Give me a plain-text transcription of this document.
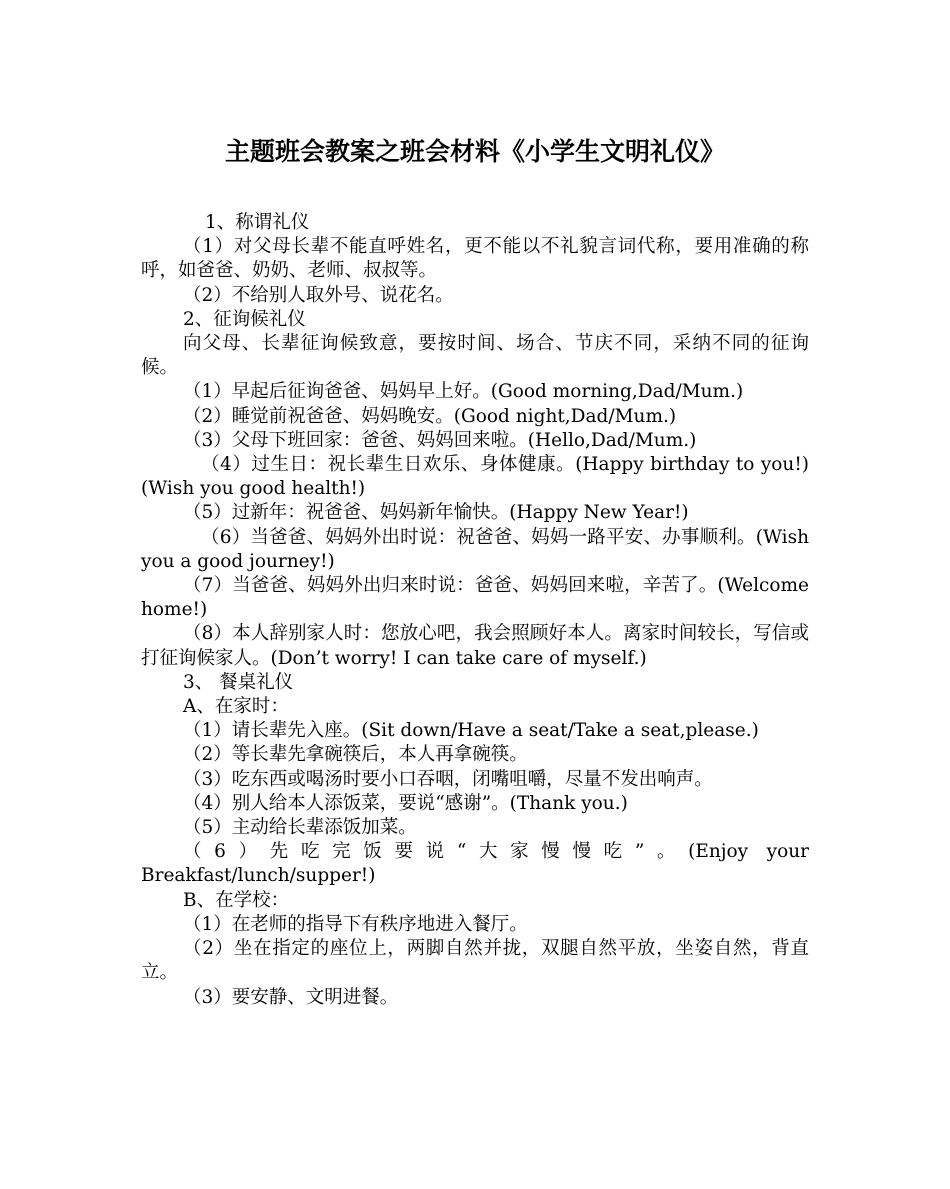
主题班会教案之班会材料《小学生文明礼仪》

1、称谓礼仪

（1）对父母长辈不能直呼姓名，更不能以不礼貌言词代称，要用准确的称呼，如爸爸、奶奶、老师、叔叔等。

（2）不给别人取外号、说花名。

2、征询候礼仪

向父母、长辈征询候致意，要按时间、场合、节庆不同，采纳不同的征询候。

（1）早起后征询爸爸、妈妈早上好。(Good morning,Dad/Mum.)

（2）睡觉前祝爸爸、妈妈晚安。(Good night,Dad/Mum.)

（3）父母下班回家：爸爸、妈妈回来啦。(Hello,Dad/Mum.)

（4）过生日：祝长辈生日欢乐、身体健康。(Happy birthday to you!)(Wish you good health!)

（5）过新年：祝爸爸、妈妈新年愉快。(Happy New Year!)

（6）当爸爸、妈妈外出时说：祝爸爸、妈妈一路平安、办事顺利。(Wish you a good journey!)

（7）当爸爸、妈妈外出归来时说：爸爸、妈妈回来啦，辛苦了。(Welcome home!)

（8）本人辞别家人时：您放心吧，我会照顾好本人。离家时间较长，写信或打征询候家人。(Don’t worry! I can take care of myself.)

3、 餐桌礼仪

A、在家时：

（1）请长辈先入座。(Sit down/Have a seat/Take a seat,please.)

（2）等长辈先拿碗筷后，本人再拿碗筷。

（3）吃东西或喝汤时要小口吞咽，闭嘴咀嚼，尽量不发出响声。

（4）别人给本人添饭菜，要说“感谢”。(Thank you.)

（5）主动给长辈添饭加菜。

（6）先吃完饭要说“大家慢慢吃”。(Enjoy your Breakfast/lunch/supper!)

B、在学校：

（1）在老师的指导下有秩序地进入餐厅。

（2）坐在指定的座位上，两脚自然并拢，双腿自然平放，坐姿自然，背直立。

（3）要安静、文明进餐。
